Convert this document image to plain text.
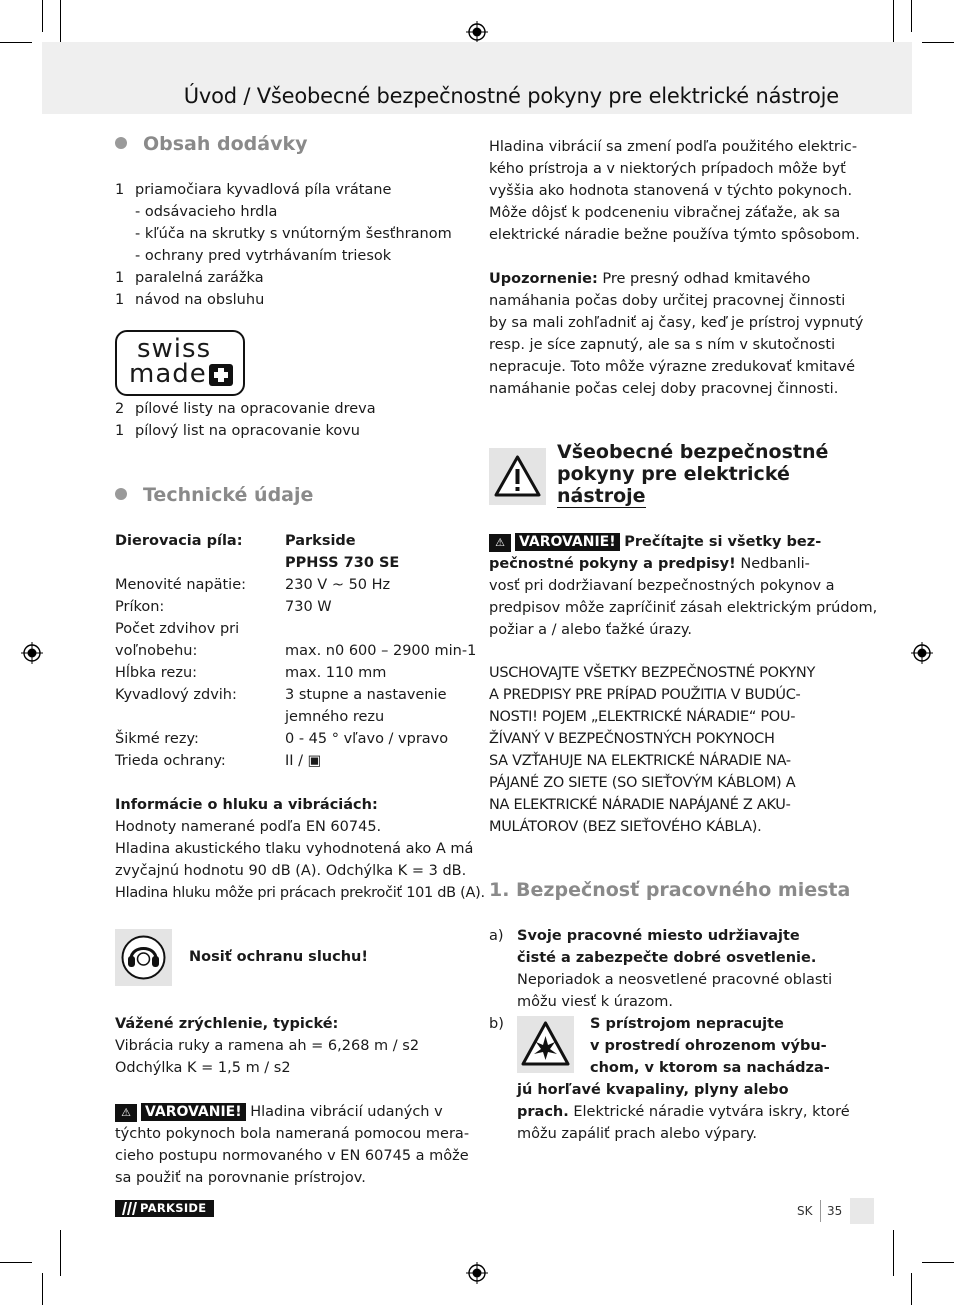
Úvod / Všeobecné bezpečnostné pokyny pre elektrické nástroje
Obsah dodávky
1 priamočiara kyvadlová píla vrátane
- odsávacieho hrdla
- kľúča na skrutky s vnútorným šesťhranom
- ochrany pred vytrhávaním triesok
1 paralelná zarážka
1 návod na obsluhu
swiss
made
2 pílové listy na opracovanie dreva
1 pílový list na opracovanie kovu
Technické údaje
Dierovacia píla:	Parkside
PPHSS 730 SE
Menovité napätie:	230 V ~ 50 Hz
Príkon:	730 W
Počet zdvihov pri
voľnobehu:	max. n0 600 – 2900 min-1
Hĺbka rezu:	max. 110 mm
Kyvadlový zdvih:	3 stupne a nastavenie
jemného rezu
Šikmé rezy:	0 - 45 ° vľavo / vpravo
Trieda ochrany:	II / ▣
Informácie o hluku a vibráciách:
Hodnoty namerané podľa EN 60745.
Hladina akustického tlaku vyhodnotená ako A má
zvyčajnú hodnotu 90 dB (A). Odchýlka K = 3 dB.
Hladina hluku môže pri prácach prekročiť 101 dB (A).
Nosiť ochranu sluchu!
Vážené zrýchlenie, typické:
Vibrácia ruky a ramena ah = 6,268 m / s2
Odchýlka K = 1,5 m / s2
⚠ VAROVANIE! Hladina vibrácií udaných v
týchto pokynoch bola nameraná pomocou mera-
cieho postupu normovaného v EN 60745 a môže
sa použiť na porovnanie prístrojov.
Hladina vibrácií sa zmení podľa použitého elektric-
kého prístroja a v niektorých prípadoch môže byť
vyššia ako hodnota stanovená v týchto pokynoch.
Môže dôjsť k podceneniu vibračnej záťaže, ak sa
elektrické náradie bežne používa týmto spôsobom.
Upozornenie: Pre presný odhad kmitavého
namáhania počas doby určitej pracovnej činnosti
by sa mali zohľadniť aj časy, keď je prístroj vypnutý
resp. je síce zapnutý, ale sa s ním v skutočnosti
nepracuje. Toto môže výrazne zredukovať kmitavé
namáhanie počas celej doby pracovnej činnosti.
Všeobecné bezpečnostné
pokyny pre elektrické
nástroje
⚠ VAROVANIE! Prečítajte si všetky bez-
pečnostné pokyny a predpisy! Nedbanli-
vosť pri dodržiavaní bezpečnostných pokynov a
predpisov môže zapríčiniť zásah elektrickým prúdom,
požiar a / alebo ťažké úrazy.
USCHOVAJTE VŠETKY BEZPEČNOSTNÉ POKYNY
A PREDPISY PRE PRÍPAD POUŽITIA V BUDÚC-
NOSTI! POJEM „ELEKTRICKÉ NÁRADIE“ POU-
ŽÍVANÝ V BEZPEČNOSTNÝCH POKYNOCH
SA VZŤAHUJE NA ELEKTRICKÉ NÁRADIE NA-
PÁJANÉ ZO SIETE (SO SIEŤOVÝM KÁBLOM) A
NA ELEKTRICKÉ NÁRADIE NAPÁJANÉ Z AKU-
MULÁTOROV (BEZ SIEŤOVÉHO KÁBLA).
1. Bezpečnosť pracovného miesta
a) Svoje pracovné miesto udržiavajte
čisté a zabezpečte dobré osvetlenie.
Neporiadok a neosvetlené pracovné oblasti
môžu viesť k úrazom.
b)	S prístrojom nepracujte
v prostredí ohrozenom výbu-
chom, v ktorom sa nachádza-
jú horľavé kvapaliny, plyny alebo
prach. Elektrické náradie vytvára iskry, ktoré
môžu zapáliť prach alebo výpary.
PARKSIDE	SK 35
